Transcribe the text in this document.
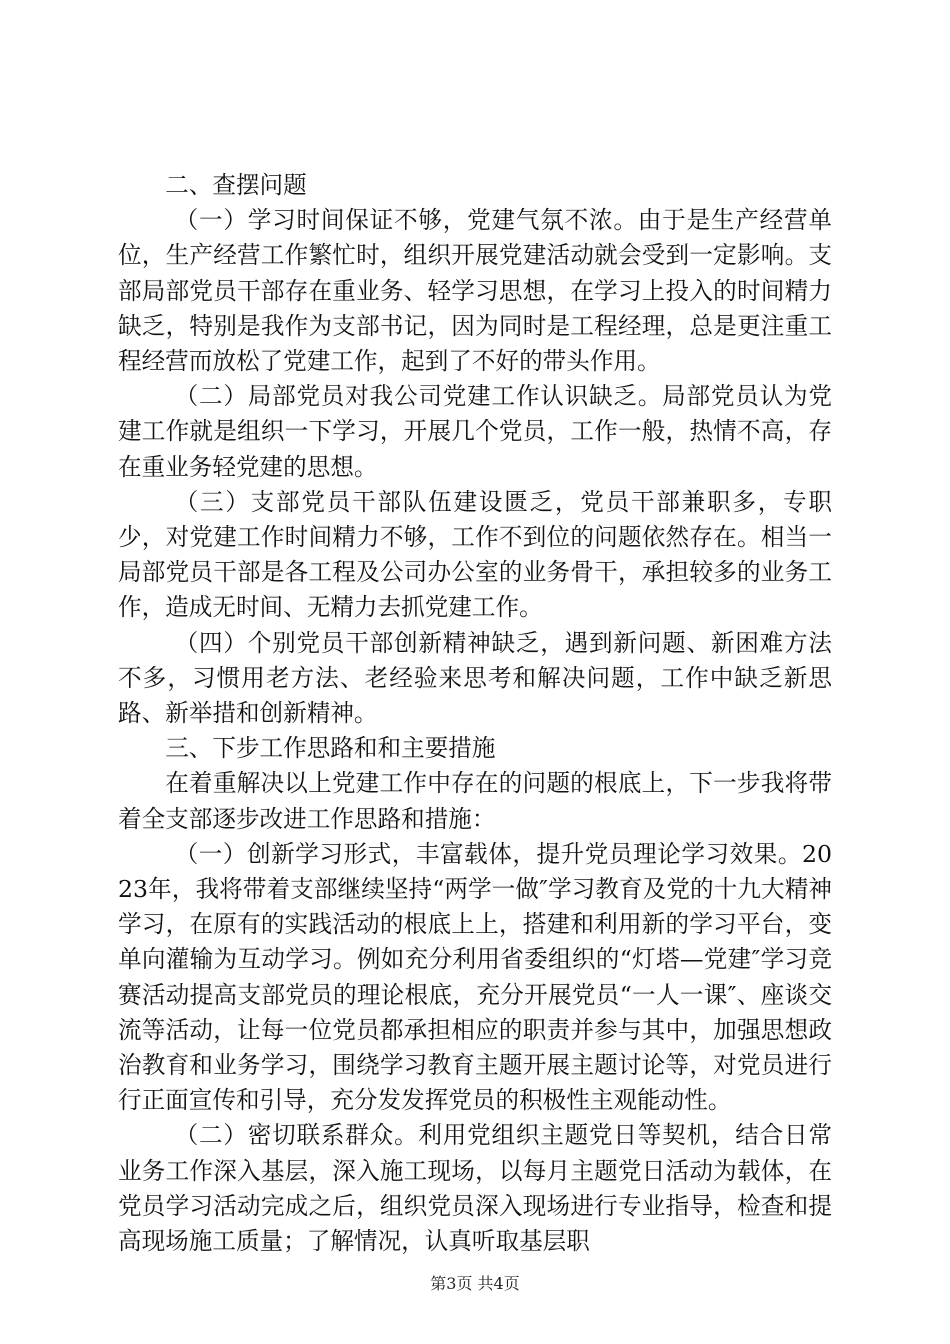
二、查摆问题

（一）学习时间保证不够，党建气氛不浓。由于是生产经营单位，生产经营工作繁忙时，组织开展党建活动就会受到一定影响。支部局部党员干部存在重业务、轻学习思想，在学习上投入的时间精力缺乏，特别是我作为支部书记，因为同时是工程经理，总是更注重工程经营而放松了党建工作，起到了不好的带头作用。

（二）局部党员对我公司党建工作认识缺乏。局部党员认为党建工作就是组织一下学习，开展几个党员，工作一般，热情不高，存在重业务轻党建的思想。

（三）支部党员干部队伍建设匮乏，党员干部兼职多，专职少，对党建工作时间精力不够，工作不到位的问题依然存在。相当一局部党员干部是各工程及公司办公室的业务骨干，承担较多的业务工作，造成无时间、无精力去抓党建工作。

（四）个别党员干部创新精神缺乏，遇到新问题、新困难方法不多，习惯用老方法、老经验来思考和解决问题，工作中缺乏新思路、新举措和创新精神。

三、下步工作思路和和主要措施

在着重解决以上党建工作中存在的问题的根底上，下一步我将带着全支部逐步改进工作思路和措施：

（一）创新学习形式，丰富载体，提升党员理论学习效果。2023年，我将带着支部继续坚持“两学一做″学习教育及党的十九大精神学习，在原有的实践活动的根底上上，搭建和利用新的学习平台，变单向灌输为互动学习。例如充分利用省委组织的“灯塔—党建″学习竞赛活动提高支部党员的理论根底，充分开展党员“一人一课″、座谈交流等活动，让每一位党员都承担相应的职责并参与其中，加强思想政治教育和业务学习，围绕学习教育主题开展主题讨论等，对党员进行行正面宣传和引导，充分发发挥党员的积极性主观能动性。

（二）密切联系群众。利用党组织主题党日等契机，结合日常业务工作深入基层，深入施工现场，以每月主题党日活动为载体，在党员学习活动完成之后，组织党员深入现场进行专业指导，检查和提高现场施工质量；了解情况，认真听取基层职

第3页 共4页
